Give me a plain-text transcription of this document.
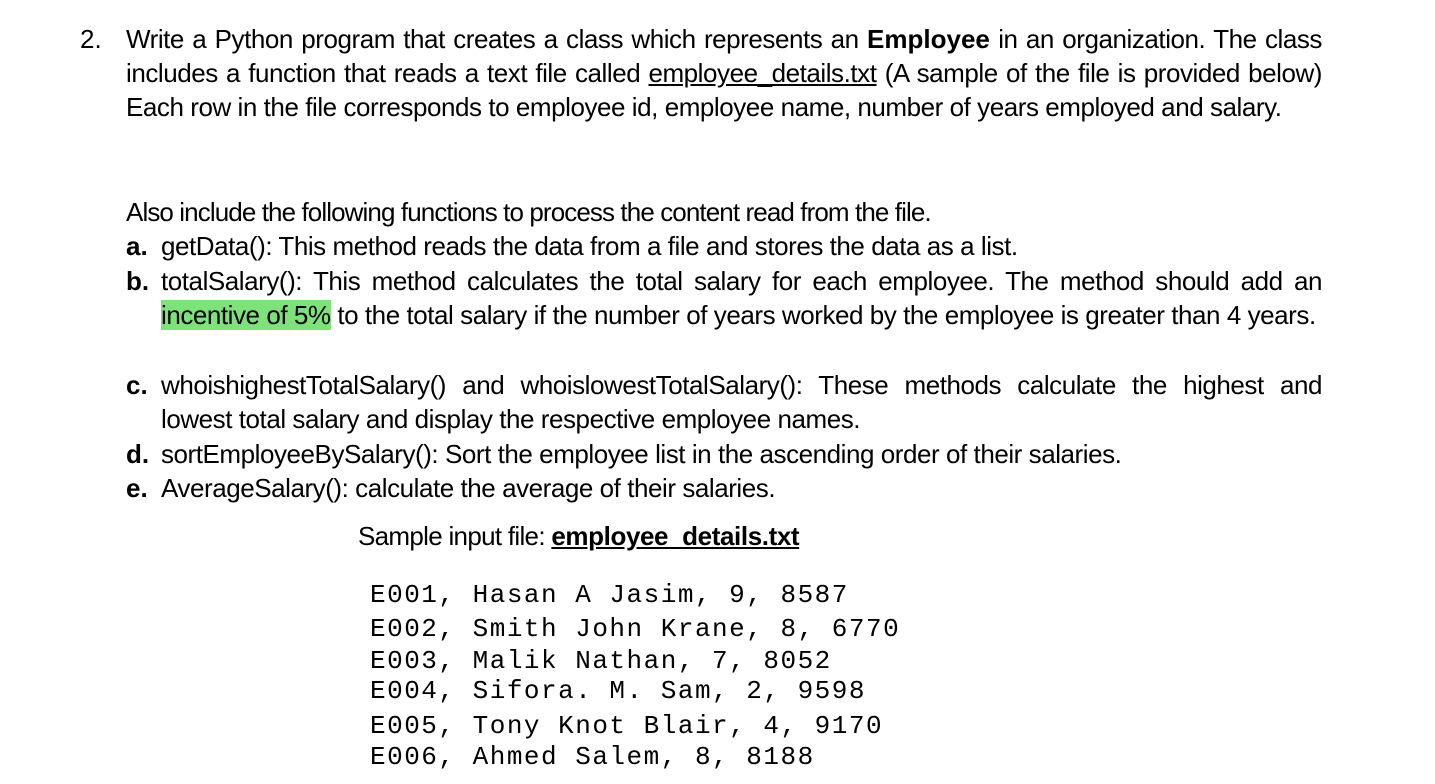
2. Write a Python program that creates a class which represents an Employee in an organization. The class includes a function that reads a text file called employee_details.txt (A sample of the file is provided below) Each row in the file corresponds to employee id, employee name, number of years employed and salary.
Also include the following functions to process the content read from the file.
a. getData(): This method reads the data from a file and stores the data as a list.
b. totalSalary(): This method calculates the total salary for each employee. The method should add an incentive of 5% to the total salary if the number of years worked by the employee is greater than 4 years.
c. whoishighestTotalSalary() and whoislowestTotalSalary(): These methods calculate the highest and lowest total salary and display the respective employee names.
d. sortEmployeeBySalary(): Sort the employee list in the ascending order of their salaries.
e. AverageSalary(): calculate the average of their salaries.
Sample input file: employee_details.txt
E001, Hasan A Jasim, 9, 8587
E002, Smith John Krane, 8, 6770
E003, Malik Nathan, 7, 8052
E004, Sifora. M. Sam, 2, 9598
E005, Tony Knot Blair, 4, 9170
E006, Ahmed Salem, 8, 8188
